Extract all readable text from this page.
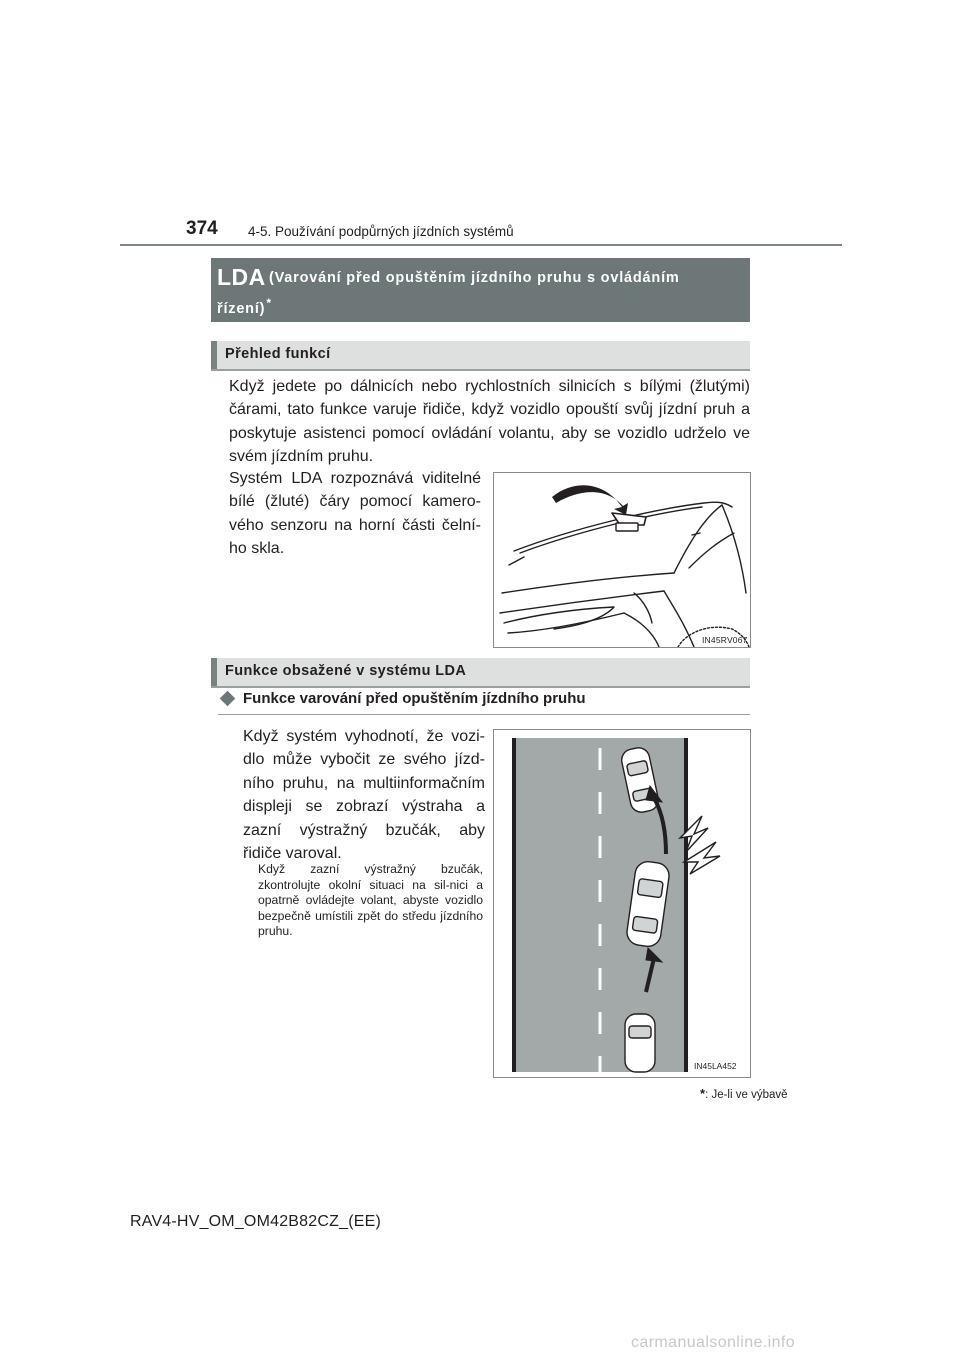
374 4-5. Používání podpůrných jízdních systémů
LDA (Varování před opuštěním jízdního pruhu s ovládáním
řízení)*
Přehled funkcí
Když jedete po dálnicích nebo rychlostních silnicích s bílými (žlutými) čárami, tato funkce varuje řidiče, když vozidlo opouští svůj jízdní pruh a poskytuje asistenci pomocí ovládání volantu, aby se vozidlo udrželo ve svém jízdním pruhu.
Systém LDA rozpoznává viditelné bílé (žluté) čáry pomocí kamero-vého senzoru na horní části čelní-ho skla.
IN45RV067
Funkce obsažené v systému LDA
Funkce varování před opuštěním jízdního pruhu
Když systém vyhodnotí, že vozi-dlo může vybočit ze svého jízd-ního pruhu, na multiinformačním displeji se zobrazí výstraha a zazní výstražný bzučák, aby řidiče varoval.
Když zazní výstražný bzučák, zkontrolujte okolní situaci na sil-nici a opatrně ovládejte volant, abyste vozidlo bezpečně umístili zpět do středu jízdního pruhu.
IN45LA452
*: Je-li ve výbavě
RAV4-HV_OM_OM42B82CZ_(EE)
carmanualsonline.info
